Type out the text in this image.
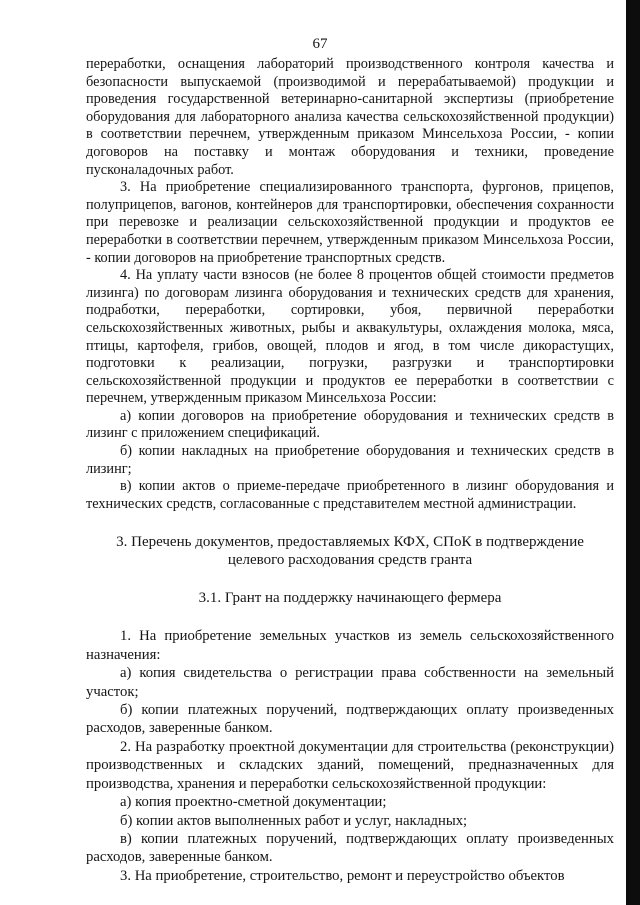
67

переработки, оснащения лабораторий производственного контроля качества и безопасности выпускаемой (производимой и перерабатываемой) продукции и проведения государственной ветеринарно-санитарной экспертизы (приобретение оборудования для лабораторного анализа качества сельскохозяйственной продукции) в соответствии перечнем, утвержденным приказом Минсельхоза России, - копии договоров на поставку и монтаж оборудования и техники, проведение пусконаладочных работ.

3. На приобретение специализированного транспорта, фургонов, прицепов, полуприцепов, вагонов, контейнеров для транспортировки, обеспечения сохранности при перевозке и реализации сельскохозяйственной продукции и продуктов ее переработки в соответствии перечнем, утвержденным приказом Минсельхоза России, - копии договоров на приобретение транспортных средств.

4. На уплату части взносов (не более 8 процентов общей стоимости предметов лизинга) по договорам лизинга оборудования и технических средств для хранения, подработки, переработки, сортировки, убоя, первичной переработки сельскохозяйственных животных, рыбы и аквакультуры, охлаждения молока, мяса, птицы, картофеля, грибов, овощей, плодов и ягод, в том числе дикорастущих, подготовки к реализации, погрузки, разгрузки и транспортировки сельскохозяйственной продукции и продуктов ее переработки в соответствии с перечнем, утвержденным приказом Минсельхоза России:

а) копии договоров на приобретение оборудования и технических средств в лизинг с приложением спецификаций.

б) копии накладных на приобретение оборудования и технических средств в лизинг;

в) копии актов о приеме-передаче приобретенного в лизинг оборудования и технических средств, согласованные с представителем местной администрации.

3. Перечень документов, предоставляемых КФХ, СПоК в подтверждение целевого расходования средств гранта
3.1. Грант на поддержку начинающего фермера

1. На приобретение земельных участков из земель сельскохозяйственного назначения:

а) копия свидетельства о регистрации права собственности на земельный участок;

б) копии платежных поручений, подтверждающих оплату произведенных расходов, заверенные банком.

2. На разработку проектной документации для строительства (реконструкции) производственных и складских зданий, помещений, предназначенных для производства, хранения и переработки сельскохозяйственной продукции:

а) копия проектно-сметной документации;

б) копии актов выполненных работ и услуг, накладных;

в) копии платежных поручений, подтверждающих оплату произведенных расходов, заверенные банком.

3. На приобретение, строительство, ремонт и переустройство объектов
